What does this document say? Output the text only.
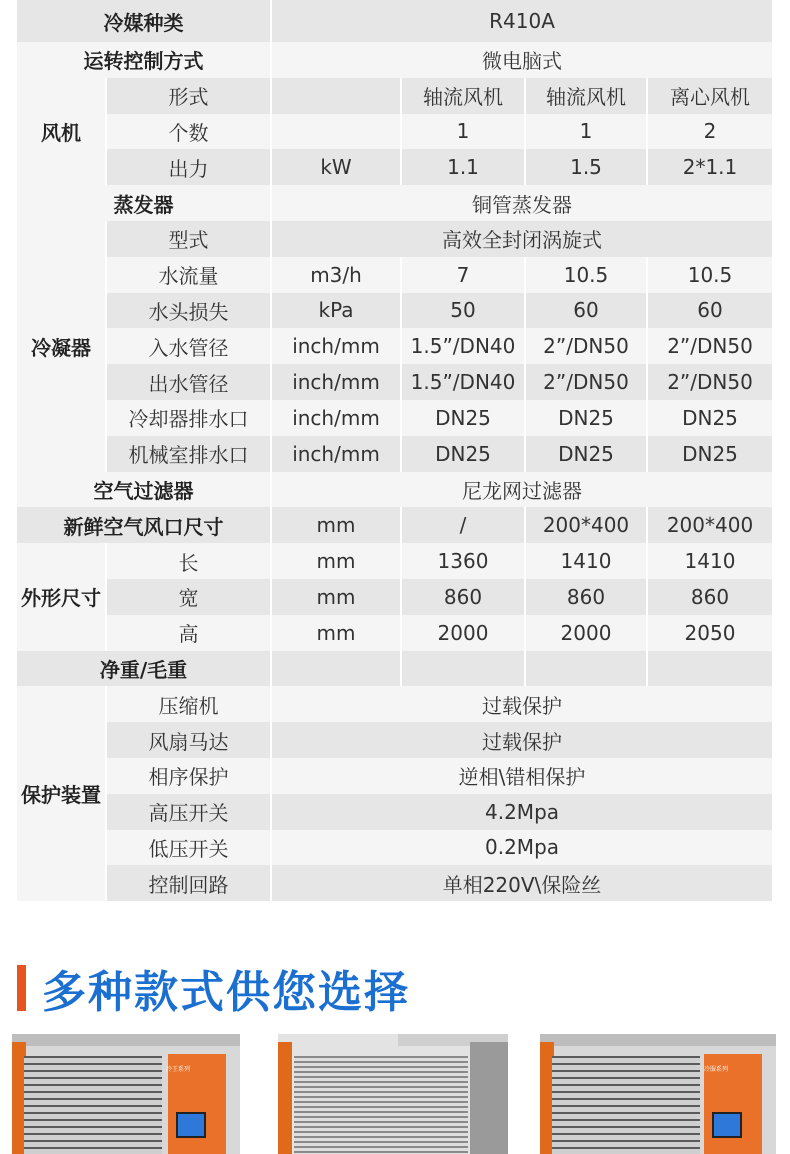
冷媒种类		R410A			
运转控制方式		微电脑式			
风机	形式		轴流风机	轴流风机	离心风机
	个数		1	1	2
	出力	kW	1.1	1.5	2*1.1
蒸发器		铜管蒸发器			
冷凝器	型式	高效全封闭涡旋式			
	水流量	m3/h	7	10.5	10.5
	水头损失	kPa	50	60	60
	入水管径	inch/mm	1.5”/DN40	2”/DN50	2”/DN50
	出水管径	inch/mm	1.5”/DN40	2”/DN50	2”/DN50
	冷却器排水口	inch/mm	DN25	DN25	DN25
	机械室排水口	inch/mm	DN25	DN25	DN25
空气过滤器		尼龙网过滤器			
新鲜空气风口尺寸		mm	/	200*400	200*400
外形尺寸	长	mm	1360	1410	1410
	宽	mm	860	860	860
	高	mm	2000	2000	2050
净重/毛重					
保护装置	压缩机	过载保护			
	风扇马达	过载保护			
	相序保护	逆相\错相保护			
	高压开关	4.2Mpa			
	低压开关	0.2Mpa			
	控制回路	单相220V\保险丝			
多种款式供您选择
冷王系列	冷服系列
